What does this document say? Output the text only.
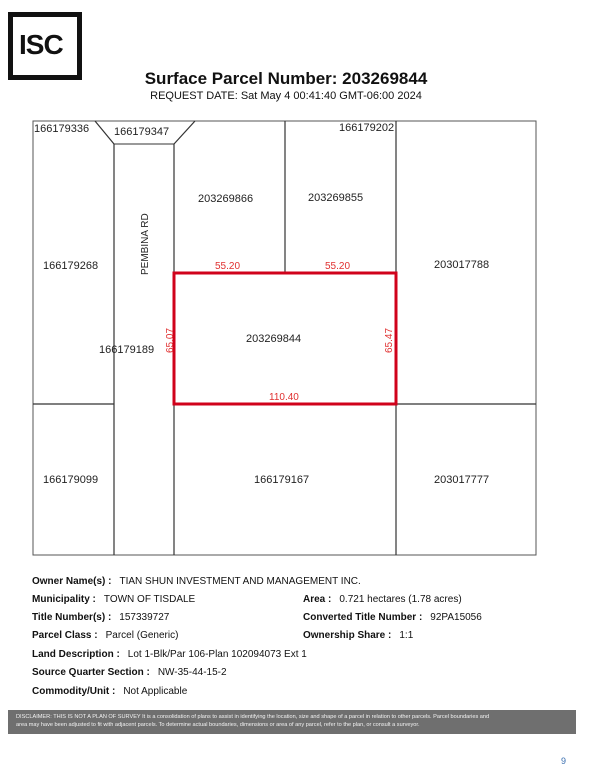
ISC
Surface Parcel Number: 203269844
REQUEST DATE: Sat May 4 00:41:40 GMT-06:00 2024
166179336 166179347	166179202
203269866	203269855
166179268	203017788
203269844
166179189
166179099	166179167	203017777
PEMBINA RD	55.20	55.20
65.07	65.47
110.40
Owner Name(s) : TIAN SHUN INVESTMENT AND MANAGEMENT INC.
Municipality : TOWN OF TISDALE	Area : 0.721 hectares (1.78 acres)
Title Number(s) : 157339727	Converted Title Number : 92PA15056
Parcel Class : Parcel (Generic)	Ownership Share : 1:1
Land Description : Lot 1-Blk/Par 106-Plan 102094073 Ext 1
Source Quarter Section : NW-35-44-15-2
Commodity/Unit : Not Applicable
DISCLAIMER: THIS IS NOT A PLAN OF SURVEY It is a consolidation of plans to assist in identifying the location, size and shape of a parcel in relation to other parcels. Parcel boundaries and
area may have been adjusted to fit with adjacent parcels. To determine actual boundaries, dimensions or area of any parcel, refer to the plan, or consult a surveyor.
9
